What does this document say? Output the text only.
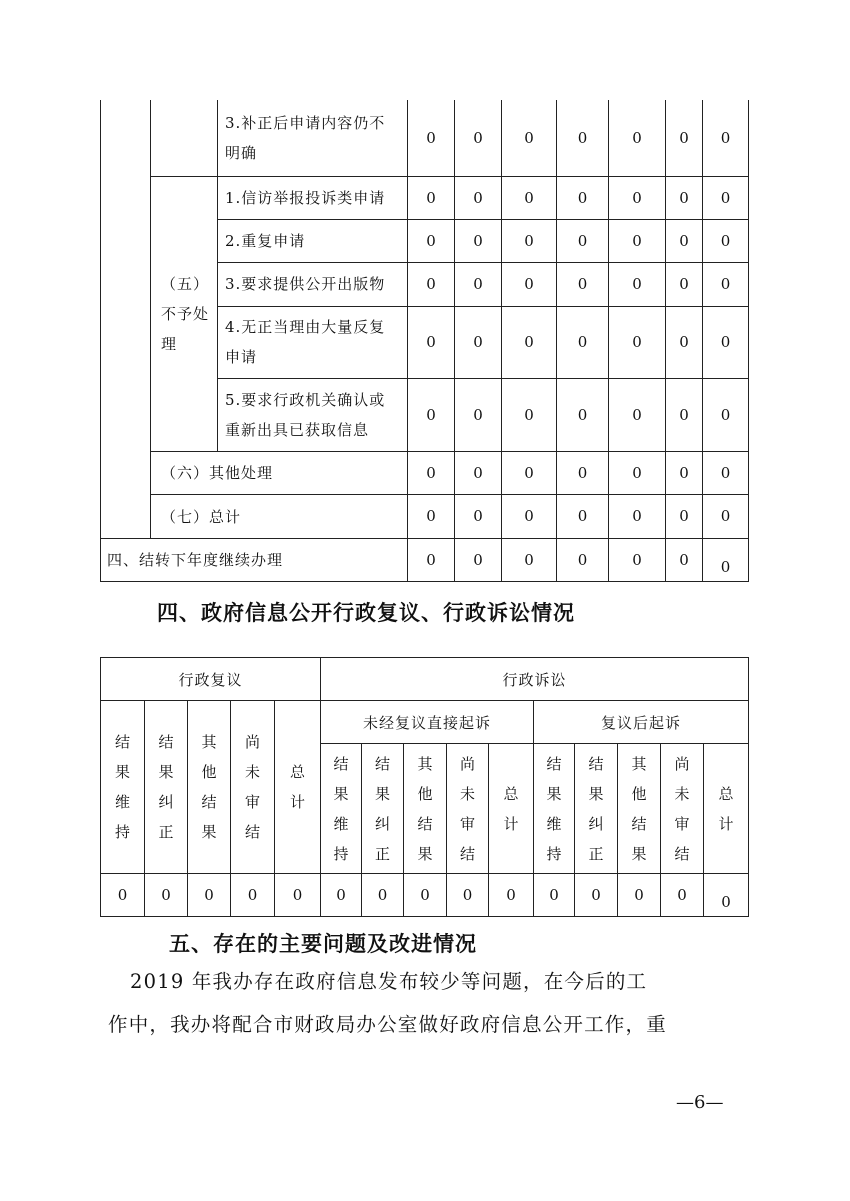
		3.补正后申请内容仍不明确	0	0	0	0	0	0	0
	（五）不予处理	1.信访举报投诉类申请	0	0	0	0	0	0	0
		2.重复申请	0	0	0	0	0	0	0
		3.要求提供公开出版物	0	0	0	0	0	0	0
		4.无正当理由大量反复申请	0	0	0	0	0	0	0
		5.要求行政机关确认或重新出具已获取信息	0	0	0	0	0	0	0
	（六）其他处理		0	0	0	0	0	0	0
	（七）总计		0	0	0	0	0	0	0
四、结转下年度继续办理			0	0	0	0	0	0	0
四、政府信息公开行政复议、行政诉讼情况
行政复议					行政诉讼									
结果维持	结果纠正	其他结果	尚未审结	总计	未经复议直接起诉					复议后起诉				
					结果维持	结果纠正	其他结果	尚未审结	总计	结果维持	结果纠正	其他结果	尚未审结	总计
0	0	0	0	0	0	0	0	0	0	0	0	0	0	0
五、存在的主要问题及改进情况
2019 年我办存在政府信息发布较少等问题，在今后的工
作中，我办将配合市财政局办公室做好政府信息公开工作，重
—6—
